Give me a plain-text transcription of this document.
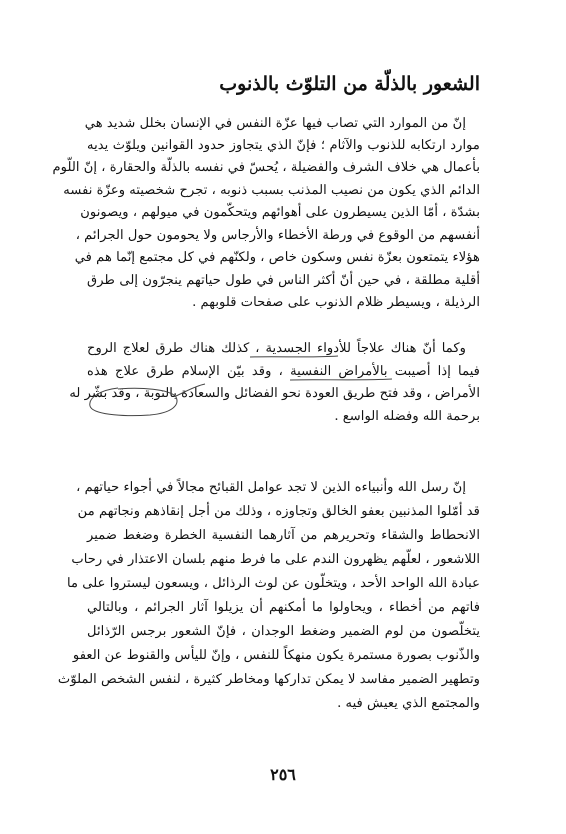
الشعور بالذلّة من التلوّث بالذنوب
إنّ من الموارد التي تصاب فيها عزّة النفس في الإنسان بخلل شديد هي
موارد ارتكابه للذنوب والآثام ؛ فإنّ الذي يتجاوز حدود القوانين ويلوّث يديه
بأعمال هي خلاف الشرف والفضيلة ، يُحسّ في نفسه بالذلّة والحقارة ، إنّ اللّوم
الدائم الذي يكون من نصيب المذنب بسبب ذنوبه ، تجرح شخصيته وعزّة نفسه
بشدّة ، أمّا الذين يسيطرون على أهوائهم ويتحكّمون في ميولهم ، ويصونون
أنفسهم من الوقوع في ورطة الأخطاء والأرجاس ولا يحومون حول الجرائم ،
هؤلاء يتمتعون بعزّة نفس وسكون خاص ، ولكنّهم في كل مجتمع إنّما هم في
أقلية مطلقة ، في حين أنّ أكثر الناس في طول حياتهم ينجرّون إلى طرق
الرذيلة ، ويسيطر ظلام الذنوب على صفحات قلوبهم .
وكما أنّ هناك علاجاً للأدواء الجسدية ، كذلك هناك طرق لعلاج الروح
فيما إذا أصيبت بالأمراض النفسية ، وقد بيّن الإسلام طرق علاج هذه
الأمراض ، وقد فتح طريق العودة نحو الفضائل والسعادة بالتوبة ، وقد بشّر له
برحمة الله وفضله الواسع .
إنّ رسل الله وأنبياءه الذين لا تجد عوامل القبائح مجالاً في أجواء حياتهم ،
قد أمّلوا المذنبين بعفو الخالق وتجاوزه ، وذلك من أجل إنقاذهم ونجاتهم من
الانحطاط والشقاء وتحريرهم من آثارهما النفسية الخطرة وضغط ضمير
اللاشعور ، لعلّهم يظهرون الندم على ما فرط منهم بلسان الاعتذار في رحاب
عبادة الله الواحد الأحد ، ويتخلّون عن لوث الرذائل ، ويسعون ليستروا على ما
فاتهم من أخطاء ، ويحاولوا ما أمكنهم أن يزيلوا آثار الجرائم ، وبالتالي
يتخلّصون من لوم الضمير وضغط الوجدان ، فإنّ الشعور برجس الرّذائل
والذّنوب بصورة مستمرة يكون منهكاً للنفس ، وإنّ لليأس والقنوط عن العفو
وتطهير الضمير مفاسد لا يمكن تداركها ومخاطر كثيرة ، لنفس الشخص الملوّث
والمجتمع الذي يعيش فيه .
٢٥٦
